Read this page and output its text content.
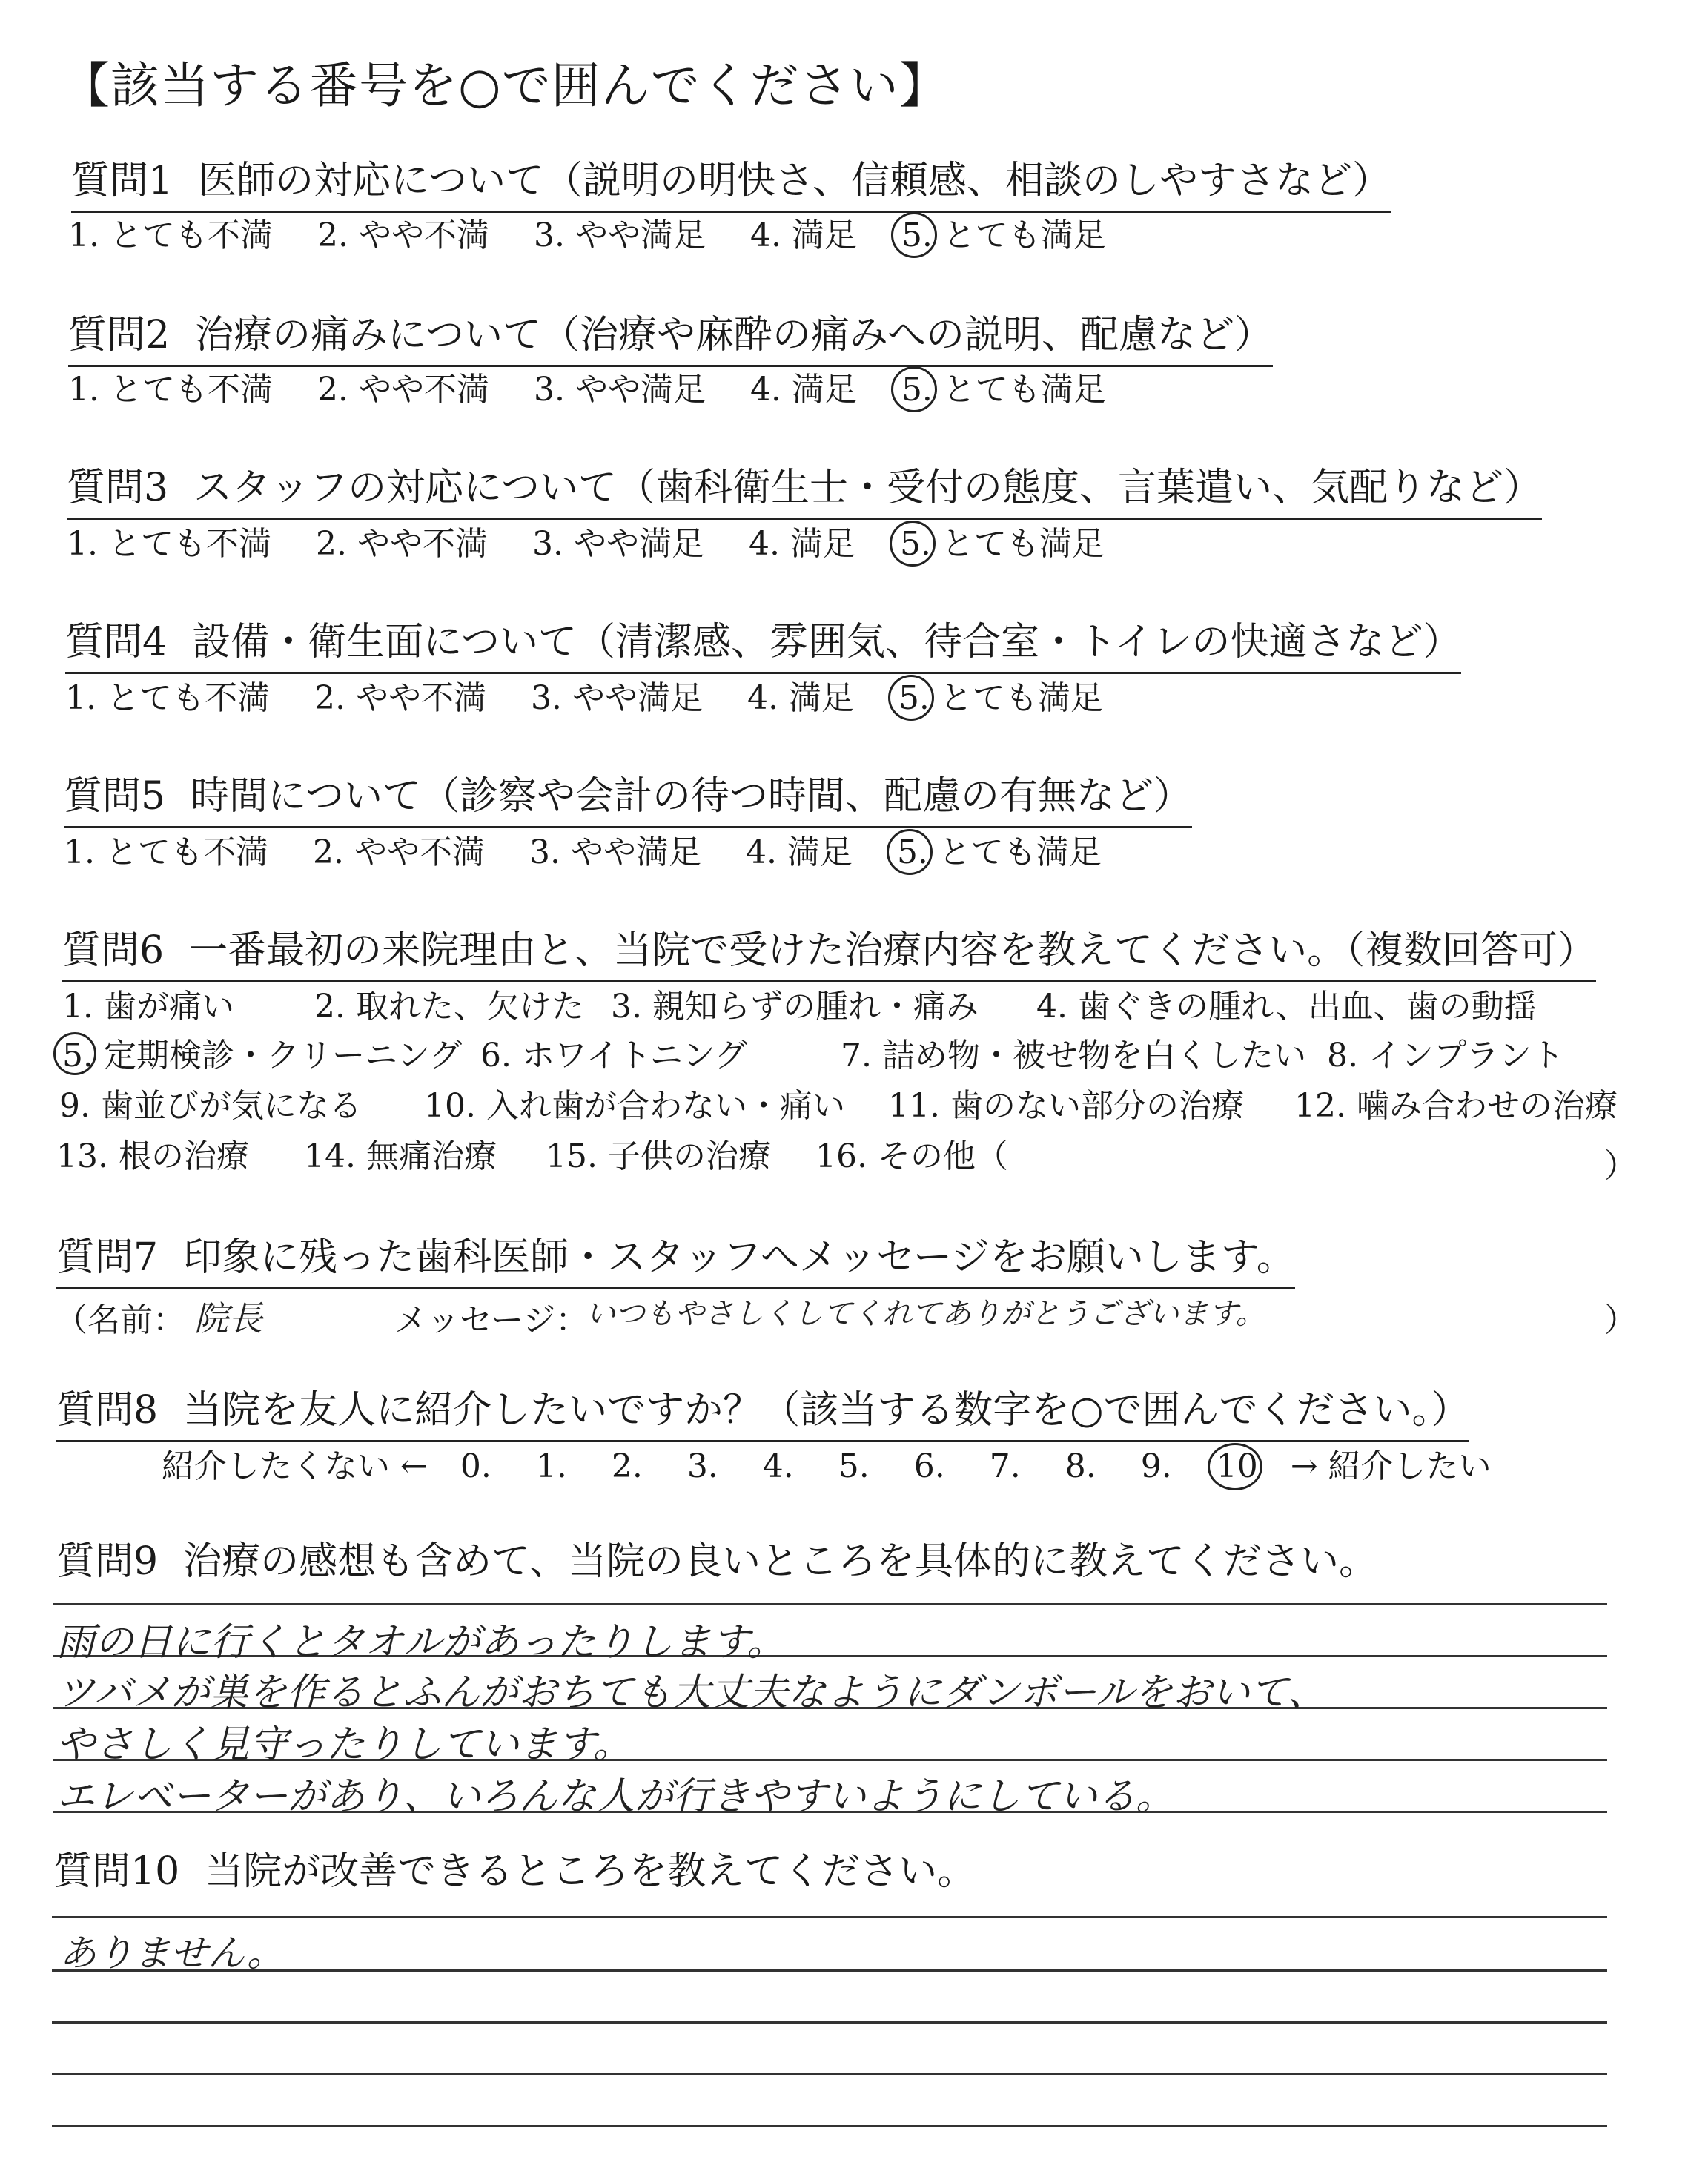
【該当する番号を○で囲んでください】
質問1 医師の対応について（説明の明快さ、信頼感、相談のしやすさなど）
1. とても不満 2. やや不満 3. やや満足 4. 満足 5. とても満足
質問2 治療の痛みについて（治療や麻酔の痛みへの説明、配慮など）
1. とても不満 2. やや不満 3. やや満足 4. 満足 5. とても満足
質問3 スタッフの対応について（歯科衛生士・受付の態度、言葉遣い、気配りなど）
1. とても不満 2. やや不満 3. やや満足 4. 満足 5. とても満足
質問4 設備・衛生面について（清潔感、雰囲気、待合室・トイレの快適さなど）
1. とても不満 2. やや不満 3. やや満足 4. 満足 5. とても満足
質問5 時間について（診察や会計の待つ時間、配慮の有無など）
1. とても不満 2. やや不満 3. やや満足 4. 満足 5. とても満足
質問6 一番最初の来院理由と、当院で受けた治療内容を教えてください。（複数回答可）
1. 歯が痛い 2. 取れた、欠けた 3. 親知らずの腫れ・痛み 4. 歯ぐきの腫れ、出血、歯の動揺
5. 定期検診・クリーニング 6. ホワイトニング	7. 詰め物・被せ物を白くしたい 8. インプラント
9. 歯並びが気になる 10. 入れ歯が合わない・痛い 11. 歯のない部分の治療 12. 噛み合わせの治療
13. 根の治療 14. 無痛治療 15. 子供の治療 16. その他（	）
質問7 印象に残った歯科医師・スタッフへメッセージをお願いします。
（名前： 院長	メッセージ：
いつもやさしくしてくれてありがとうございます。	）
質問8 当院を友人に紹介したいですか？（該当する数字を○で囲んでください。）
紹介したくない ← 0. 1. 2. 3. 4. 5. 6. 7. 8. 9. 10 → 紹介したい
質問9 治療の感想も含めて、当院の良いところを具体的に教えてください。
雨の日に行くとタオルがあったりします。
ツバメが巣を作るとふんがおちても大丈夫なようにダンボールをおいて、
やさしく見守ったりしています。
エレベーターがあり、いろんな人が行きやすいようにしている。
質問10 当院が改善できるところを教えてください。
ありません。
